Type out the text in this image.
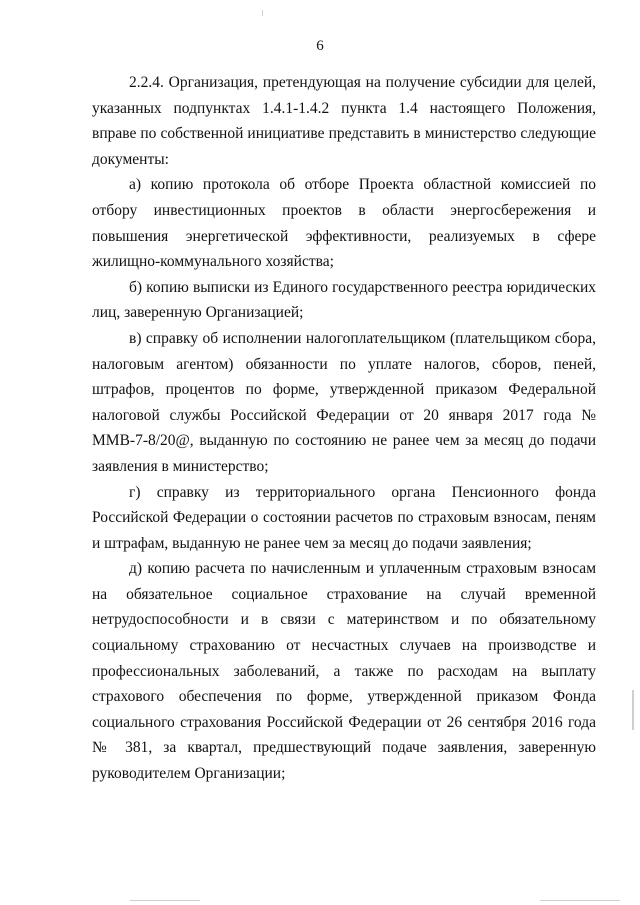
6

2.2.4. Организация, претендующая на получение субсидии для целей, указанных подпунктах 1.4.1-1.4.2 пункта 1.4 настоящего Положения, вправе по собственной инициативе представить в министерство следующие документы:

а) копию протокола об отборе Проекта областной комиссией по отбору инвестиционных проектов в области энергосбережения и повышения энергетической эффективности, реализуемых в сфере жилищно-коммунального хозяйства;

б) копию выписки из Единого государственного реестра юридических лиц, заверенную Организацией;

в) справку об исполнении налогоплательщиком (плательщиком сбора, налоговым агентом) обязанности по уплате налогов, сборов, пеней, штрафов, процентов по форме, утвержденной приказом Федеральной налоговой службы Российской Федерации от 20 января 2017 года № ММВ-7-8/20@, выданную по состоянию не ранее чем за месяц до подачи заявления в министерство;

г) справку из территориального органа Пенсионного фонда Российской Федерации о состоянии расчетов по страховым взносам, пеням и штрафам, выданную не ранее чем за месяц до подачи заявления;

д) копию расчета по начисленным и уплаченным страховым взносам на обязательное социальное страхование на случай временной нетрудоспособности и в связи с материнством и по обязательному социальному страхованию от несчастных случаев на производстве и профессиональных заболеваний, а также по расходам на выплату страхового обеспечения по форме, утвержденной приказом Фонда социального страхования Российской Федерации от 26 сентября 2016 года № 381, за квартал, предшествующий подаче заявления, заверенную руководителем Организации;
